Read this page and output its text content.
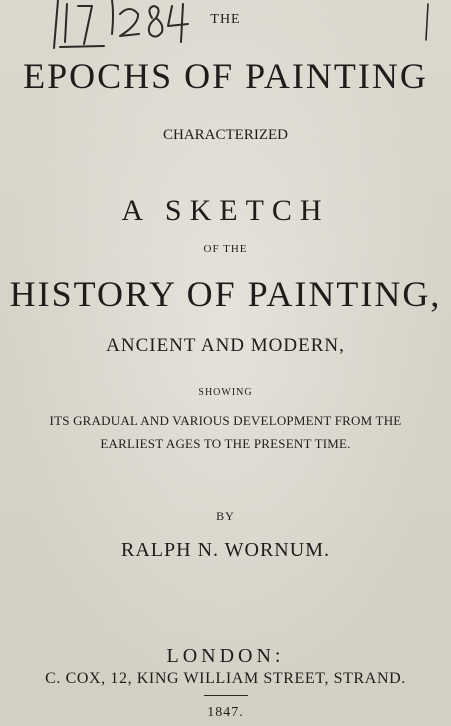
THE
EPOCHS OF PAINTING
CHARACTERIZED
A SKETCH
OF THE
HISTORY OF PAINTING,
ANCIENT AND MODERN,
SHOWING
ITS GRADUAL AND VARIOUS DEVELOPMENT FROM THE
EARLIEST AGES TO THE PRESENT TIME.
BY
RALPH N. WORNUM.
LONDON:
C. COX, 12, KING WILLIAM STREET, STRAND.
1847.
